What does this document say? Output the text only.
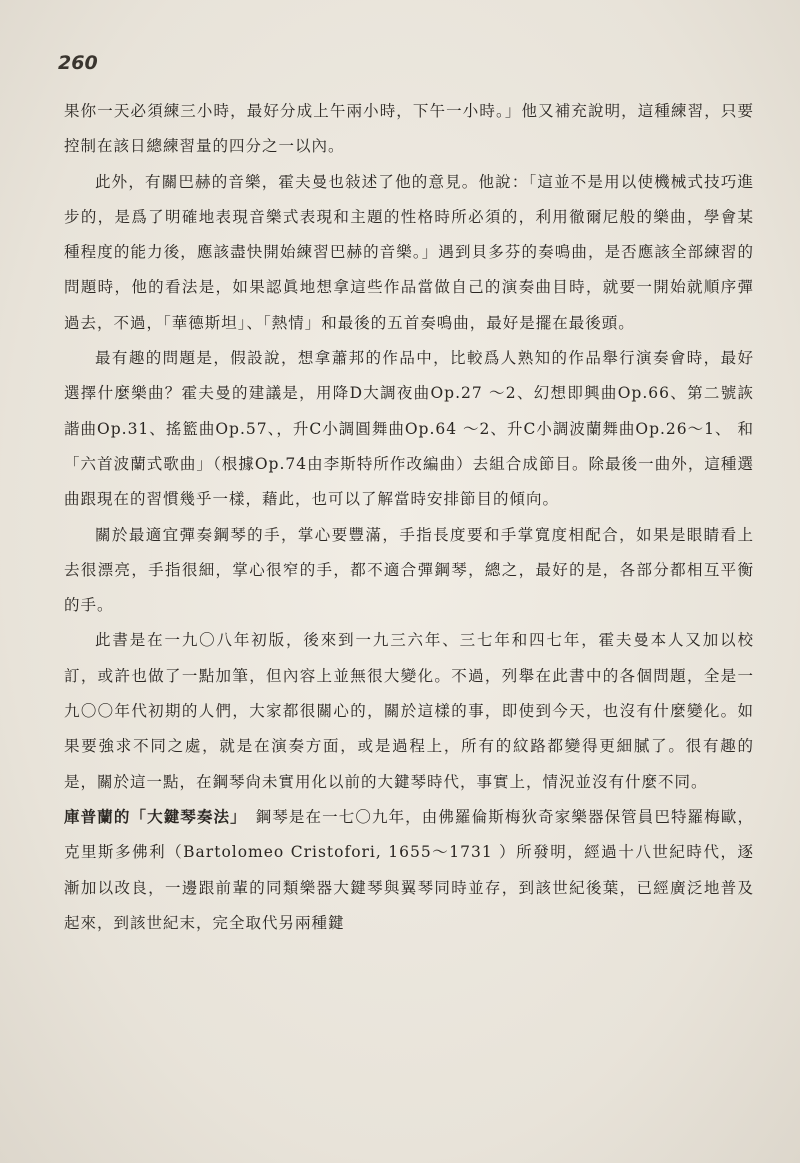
260

果你一天必須練三小時，最好分成上午兩小時，下午一小時。」他又補充說明，這種練習，只要控制在該日總練習量的四分之一以內。

此外，有關巴赫的音樂，霍夫曼也敍述了他的意見。他說：「這並不是用以使機械式技巧進步的，是爲了明確地表現音樂式表現和主題的性格時所必須的，利用徹爾尼般的樂曲，學會某種程度的能力後，應該盡快開始練習巴赫的音樂。」遇到貝多芬的奏鳴曲，是否應該全部練習的問題時，他的看法是，如果認眞地想拿這些作品當做自己的演奏曲目時，就要一開始就順序彈過去，不過，「華德斯坦」、「熱情」和最後的五首奏鳴曲，最好是擺在最後頭。

最有趣的問題是，假設說，想拿蕭邦的作品中，比較爲人熟知的作品舉行演奏會時，最好選擇什麼樂曲？霍夫曼的建議是，用降D大調夜曲Op.27 ～2、幻想即興曲Op.66、第二號詼諧曲Op.31、搖籃曲Op.57、，升C小調圓舞曲Op.64 ～2、升C小調波蘭舞曲Op.26～1、 和「六首波蘭式歌曲」（根據Op.74由李斯特所作改編曲）去組合成節目。除最後一曲外，這種選曲跟現在的習慣幾乎一樣，藉此，也可以了解當時安排節目的傾向。

關於最適宜彈奏鋼琴的手，掌心要豐滿，手指長度要和手掌寬度相配合，如果是眼睛看上去很漂亮，手指很細，掌心很窄的手，都不適合彈鋼琴，總之，最好的是，各部分都相互平衡的手。

此書是在一九〇八年初版，後來到一九三六年、三七年和四七年，霍夫曼本人又加以校訂，或許也做了一點加筆，但內容上並無很大變化。不過，列舉在此書中的各個問題，全是一九〇〇年代初期的人們，大家都很關心的，關於這樣的事，即使到今天，也沒有什麼變化。如果要強求不同之處，就是在演奏方面，或是過程上，所有的紋路都變得更細膩了。很有趣的是，關於這一點，在鋼琴尙未實用化以前的大鍵琴時代，事實上，情況並沒有什麼不同。

庫普蘭的「大鍵琴奏法」　鋼琴是在一七〇九年，由佛羅倫斯梅狄奇家樂器保管員巴特羅梅歐，克里斯多佛利（Bartolomeo Cristofori, 1655～1731 ）所發明，經過十八世紀時代，逐漸加以改良，一邊跟前輩的同類樂器大鍵琴與翼琴同時並存，到該世紀後葉，已經廣泛地普及起來，到該世紀末，完全取代另兩種鍵
